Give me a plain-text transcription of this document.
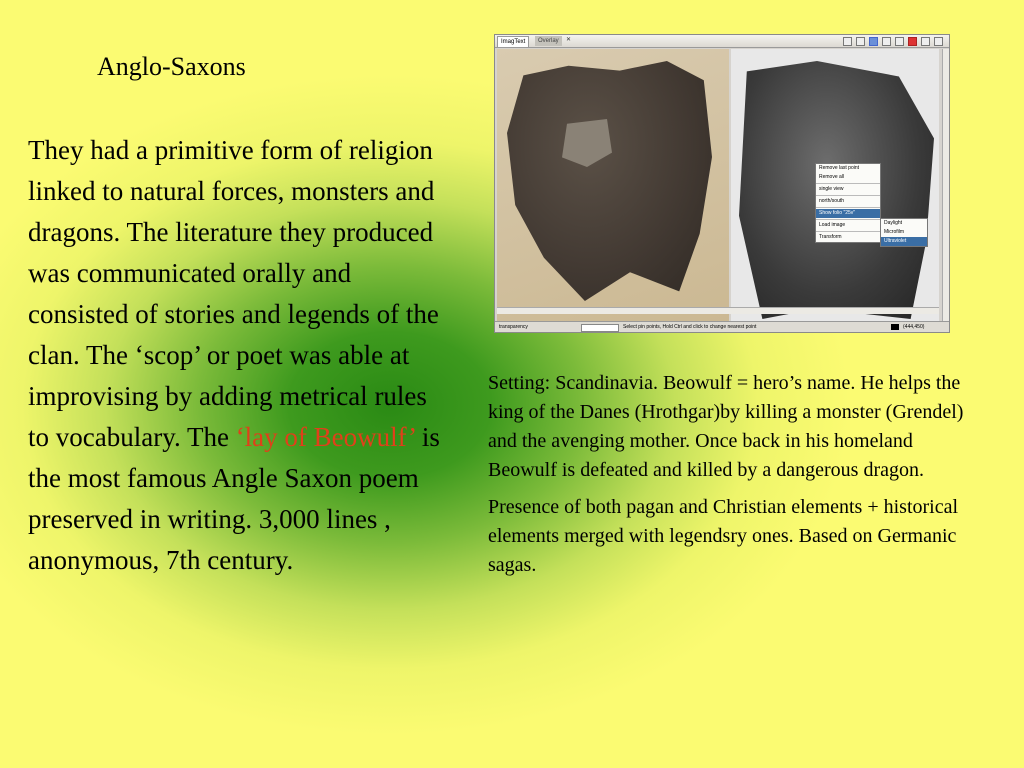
Anglo-Saxons

They had a primitive form of religion linked to natural forces, monsters and dragons. The literature they produced was communicated orally and consisted of stories and legends of the clan. The ‘scop’ or poet was able at improvising by adding metrical rules to vocabulary. The ‘lay of Beowulf’ is the most famous Angle Saxon poem preserved in writing. 3,000 lines , anonymous, 7th century.

ImagText	Overlay	✕
Remove last point
Remove all
single view
north/south
Show folio "25v"
Load image
Transform
Daylight
Microfilm
Ultraviolet
transparency	Select pin points, Hold Ctrl and click to change nearest point	(444,450)

Setting: Scandinavia. Beowulf = hero’s name. He helps the king of the Danes (Hrothgar)by killing a monster (Grendel) and the avenging mother. Once back in his homeland Beowulf is defeated and killed by a dangerous dragon.

Presence of both pagan and Christian elements + historical elements merged with legendsry ones. Based on Germanic sagas.
